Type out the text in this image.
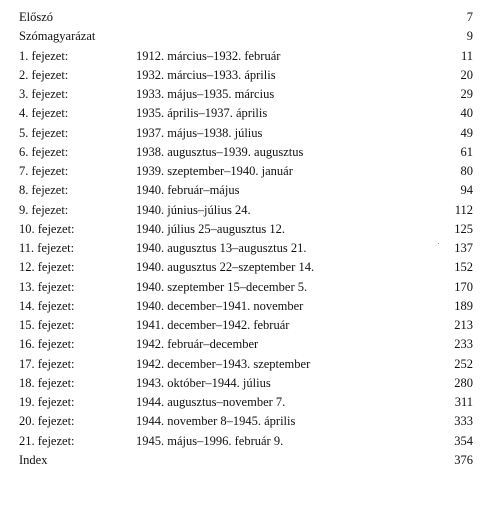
Előszó	7
Szómagyarázat	9
1. fejezet:	1912. március–1932. február	11
2. fejezet:	1932. március–1933. április	20
3. fejezet:	1933. május–1935. március	29
4. fejezet:	1935. április–1937. április	40
5. fejezet:	1937. május–1938. július	49
6. fejezet:	1938. augusztus–1939. augusztus	61
7. fejezet:	1939. szeptember–1940. január	80
8. fejezet:	1940. február–május	94
9. fejezet:	1940. június–július 24.	112
10. fejezet:	1940. július 25–augusztus 12.	125
11. fejezet:	1940. augusztus 13–augusztus 21.	137
12. fejezet:	1940. augusztus 22–szeptember 14.	152
13. fejezet:	1940. szeptember 15–december 5.	170
14. fejezet:	1940. december–1941. november	189
15. fejezet:	1941. december–1942. február	213
16. fejezet:	1942. február–december	233
17. fejezet:	1942. december–1943. szeptember	252
18. fejezet:	1943. október–1944. július	280
19. fejezet:	1944. augusztus–november 7.	311
20. fejezet:	1944. november 8–1945. április	333
21. fejezet:	1945. május–1996. február 9.	354
Index	376
